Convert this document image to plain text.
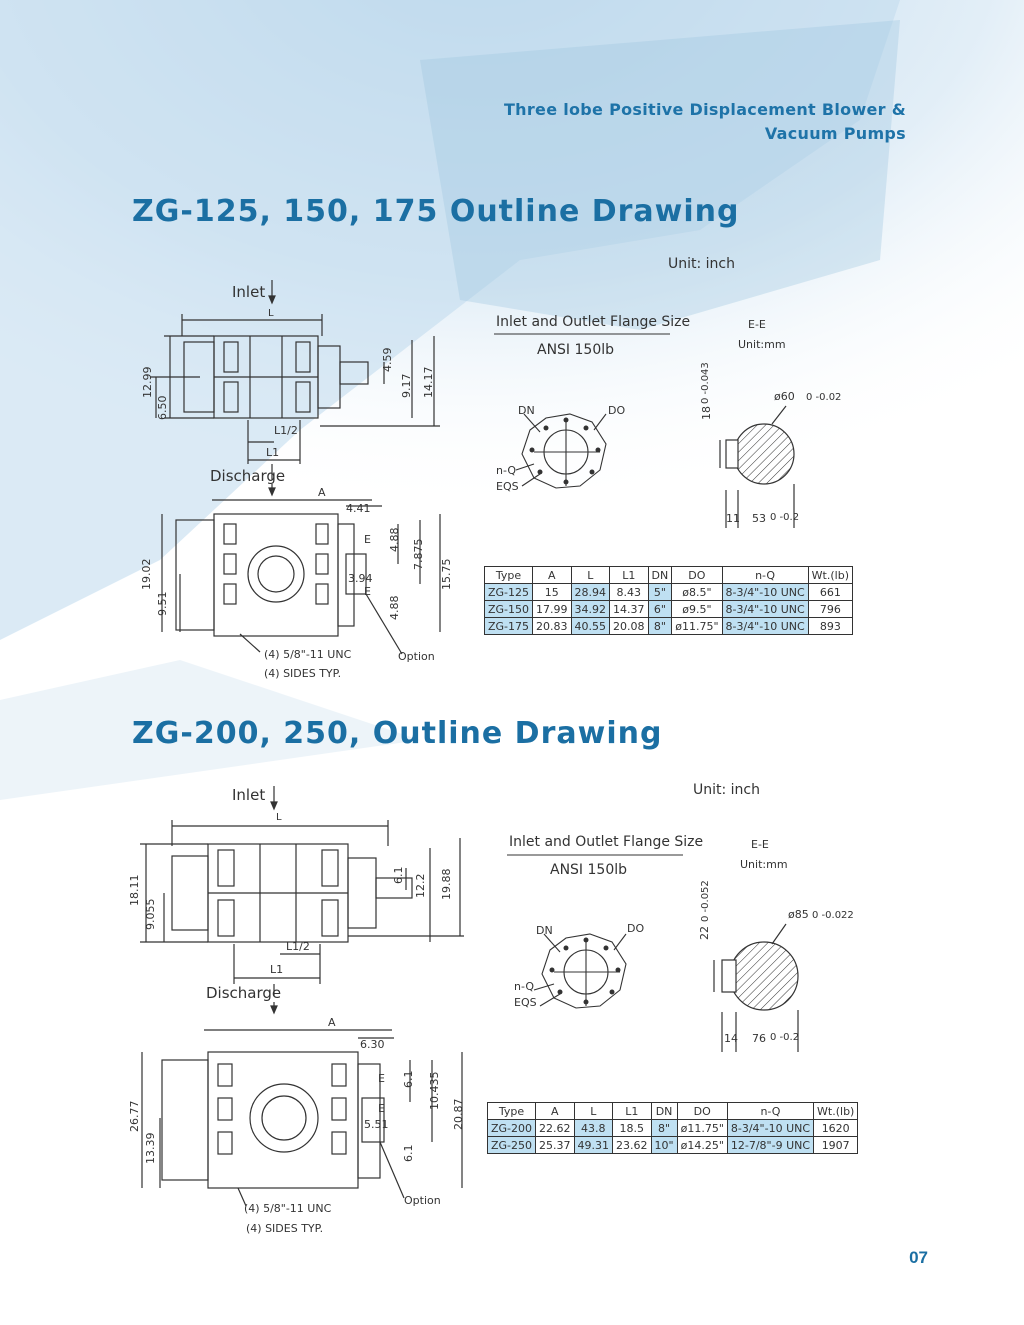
Three lobe Positive Displacement Blower &
Vacuum Pumps
ZG-125, 150, 175 Outline Drawing
Unit: inch
Inlet
Discharge
L
L1/2
L1
12.99
6.50
4.59
9.17 14.17
A
4.41
E 4.88 7.875
15.75
3.94
E
4.88
19.02
9.51
(4) 5/8"-11 UNC
(4) SIDES TYP.
Option
Inlet and Outlet Flange Size
ANSI 150lb
E-E
Unit:mm
DN	DO
n-Q
EQS
ø60 0 -0.02
18
0 -0.043
11 53 0 -0.2
Type	A	L	L1	DN	DO	n-Q	Wt.(lb)
ZG-125	15	28.94	8.43	5"	ø8.5"	8-3/4"-10 UNC	661
ZG-150	17.99	34.92	14.37	6"	ø9.5"	8-3/4"-10 UNC	796
ZG-175	20.83	40.55	20.08	8"	ø11.75"	8-3/4"-10 UNC	893
ZG-200, 250, Outline Drawing
Unit: inch
Inlet
Discharge
L
L1/2
L1
18.11
9.055
6.1 12.2 19.88
A
6.30
E 6.1 10.435
20.87
E
5.51
6.1
26.77
13.39
(4) 5/8"-11 UNC
(4) SIDES TYP.
Option
Inlet and Outlet Flange Size
ANSI 150lb
E-E
Unit:mm
DN	DO
n-Q
EQS
ø85 0 -0.022
22
0 -0.052
14 76 0 -0.2
Type	A	L	L1	DN	DO	n-Q	Wt.(lb)
ZG-200	22.62	43.8	18.5	8"	ø11.75"	8-3/4"-10 UNC	1620
ZG-250	25.37	49.31	23.62	10"	ø14.25"	12-7/8"-9 UNC	1907
07
